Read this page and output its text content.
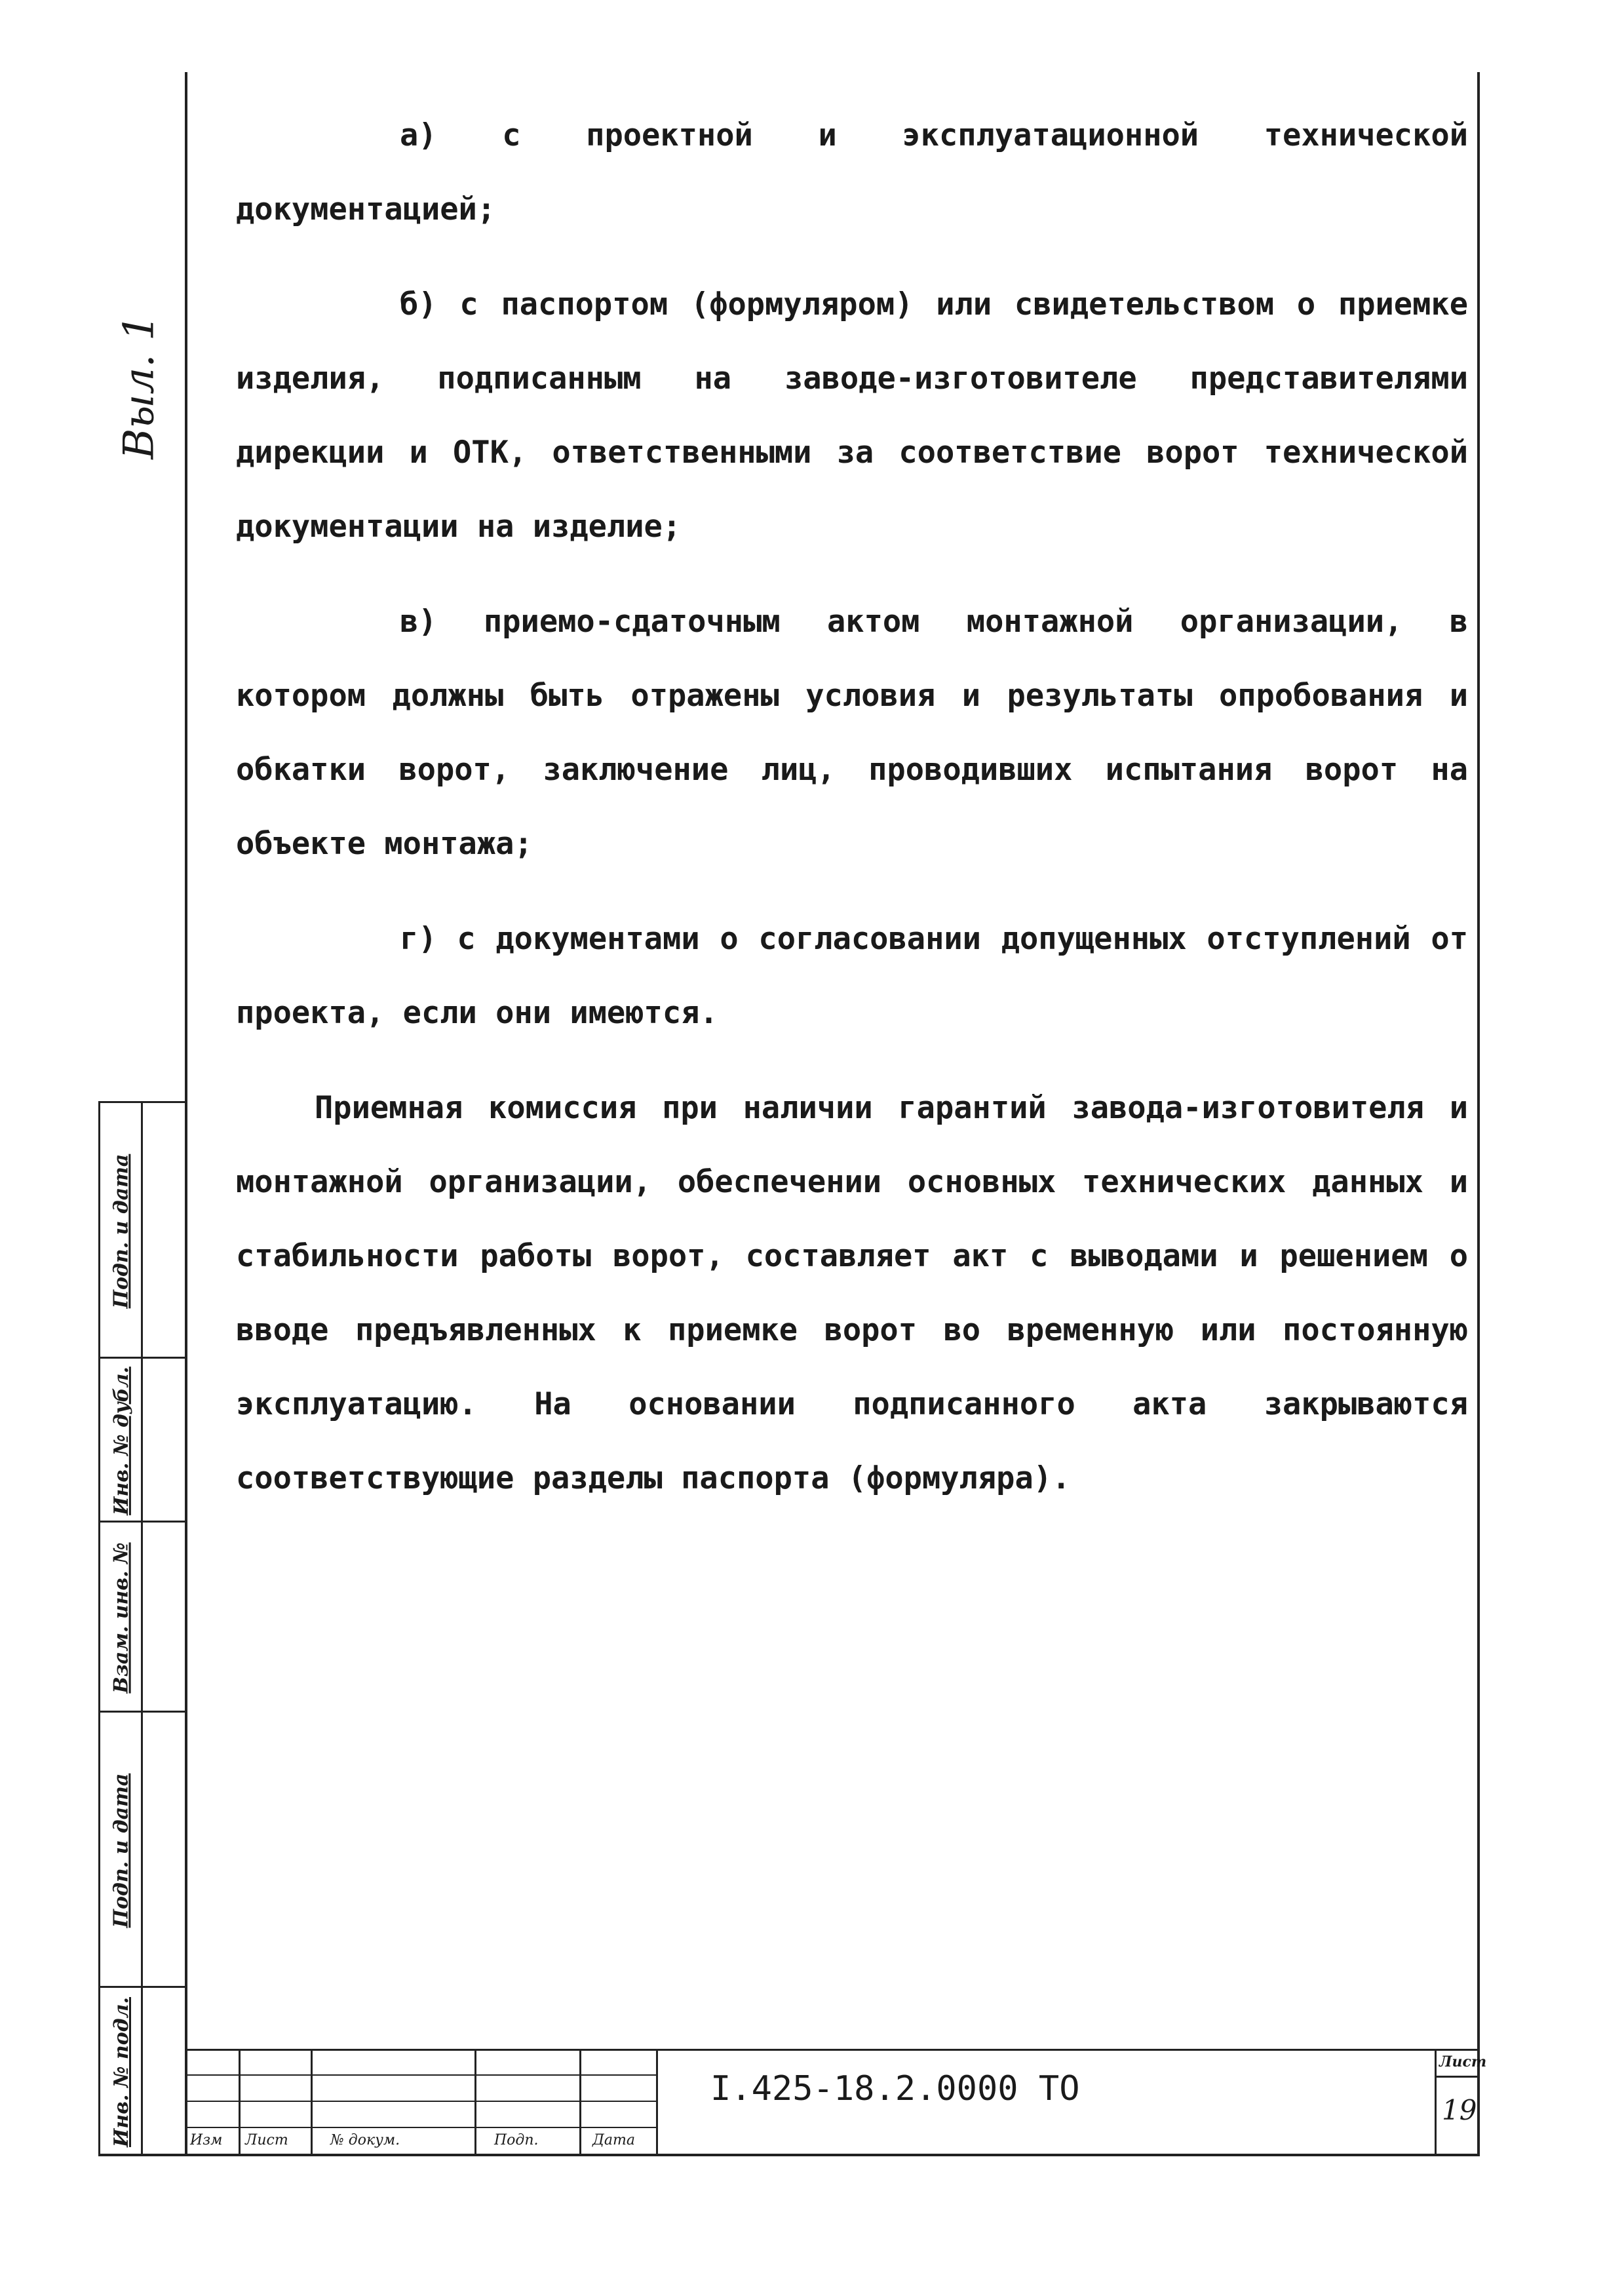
Выл. 1
Подп. и дата
Инв. № дубл.
Взам. инв. №
Подп. и дата
Инв. № подл.

а) с проектной и эксплуатационной технической документацией;

б) с паспортом (формуляром) или свидетельством о приемке изделия, подписанным на заводе-изготовителе представителями дирекции и ОТК, ответственными за соответствие ворот технической документации на изделие;

в) приемо-сдаточным актом монтажной организации, в котором должны быть отражены условия и результаты опробования и обкатки ворот, заключение лиц, проводивших испытания ворот на объекте монтажа;

г) с документами о согласовании допущенных отступлений от проекта, если они имеются.

Приемная комиссия при наличии гарантий завода-изготовителя и монтажной организации, обеспечении основных технических данных и стабильности работы ворот, составляет акт с выводами и решением о вводе предъявленных к приемке ворот во временную или постоянную эксплуатацию. На основании подписанного акта закрываются соответствующие разделы паспорта (формуляра).

Изм Лист	№ докум.	Подп.	Дата
I.425-18.2.0000 ТО
Лист
19
